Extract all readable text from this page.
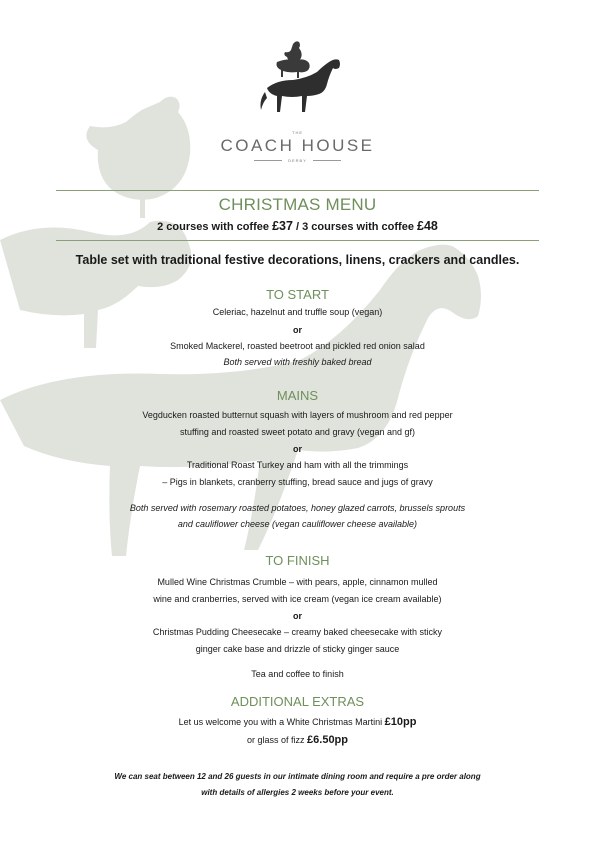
THE
COACH HOUSE
DERBY
CHRISTMAS MENU
2 courses with coffee £37 / 3 courses with coffee £48
Table set with traditional festive decorations, linens, crackers and candles.
TO START
Celeriac, hazelnut and truffle soup (vegan)
or
Smoked Mackerel, roasted beetroot and pickled red onion salad
Both served with freshly baked bread
MAINS
Vegducken roasted butternut squash with layers of mushroom and red pepper
stuffing and roasted sweet potato and gravy (vegan and gf)
or
Traditional Roast Turkey and ham with all the trimmings
– Pigs in blankets, cranberry stuffing, bread sauce and jugs of gravy
Both served with rosemary roasted potatoes, honey glazed carrots, brussels sprouts
and cauliflower cheese (vegan cauliflower cheese available)
TO FINISH
Mulled Wine Christmas Crumble – with pears, apple, cinnamon mulled
wine and cranberries, served with ice cream (vegan ice cream available)
or
Christmas Pudding Cheesecake – creamy baked cheesecake with sticky
ginger cake base and drizzle of sticky ginger sauce
Tea and coffee to finish
ADDITIONAL EXTRAS
Let us welcome you with a White Christmas Martini £10pp
or glass of fizz £6.50pp
We can seat between 12 and 26 guests in our intimate dining room and require a pre order along
with details of allergies 2 weeks before your event.
